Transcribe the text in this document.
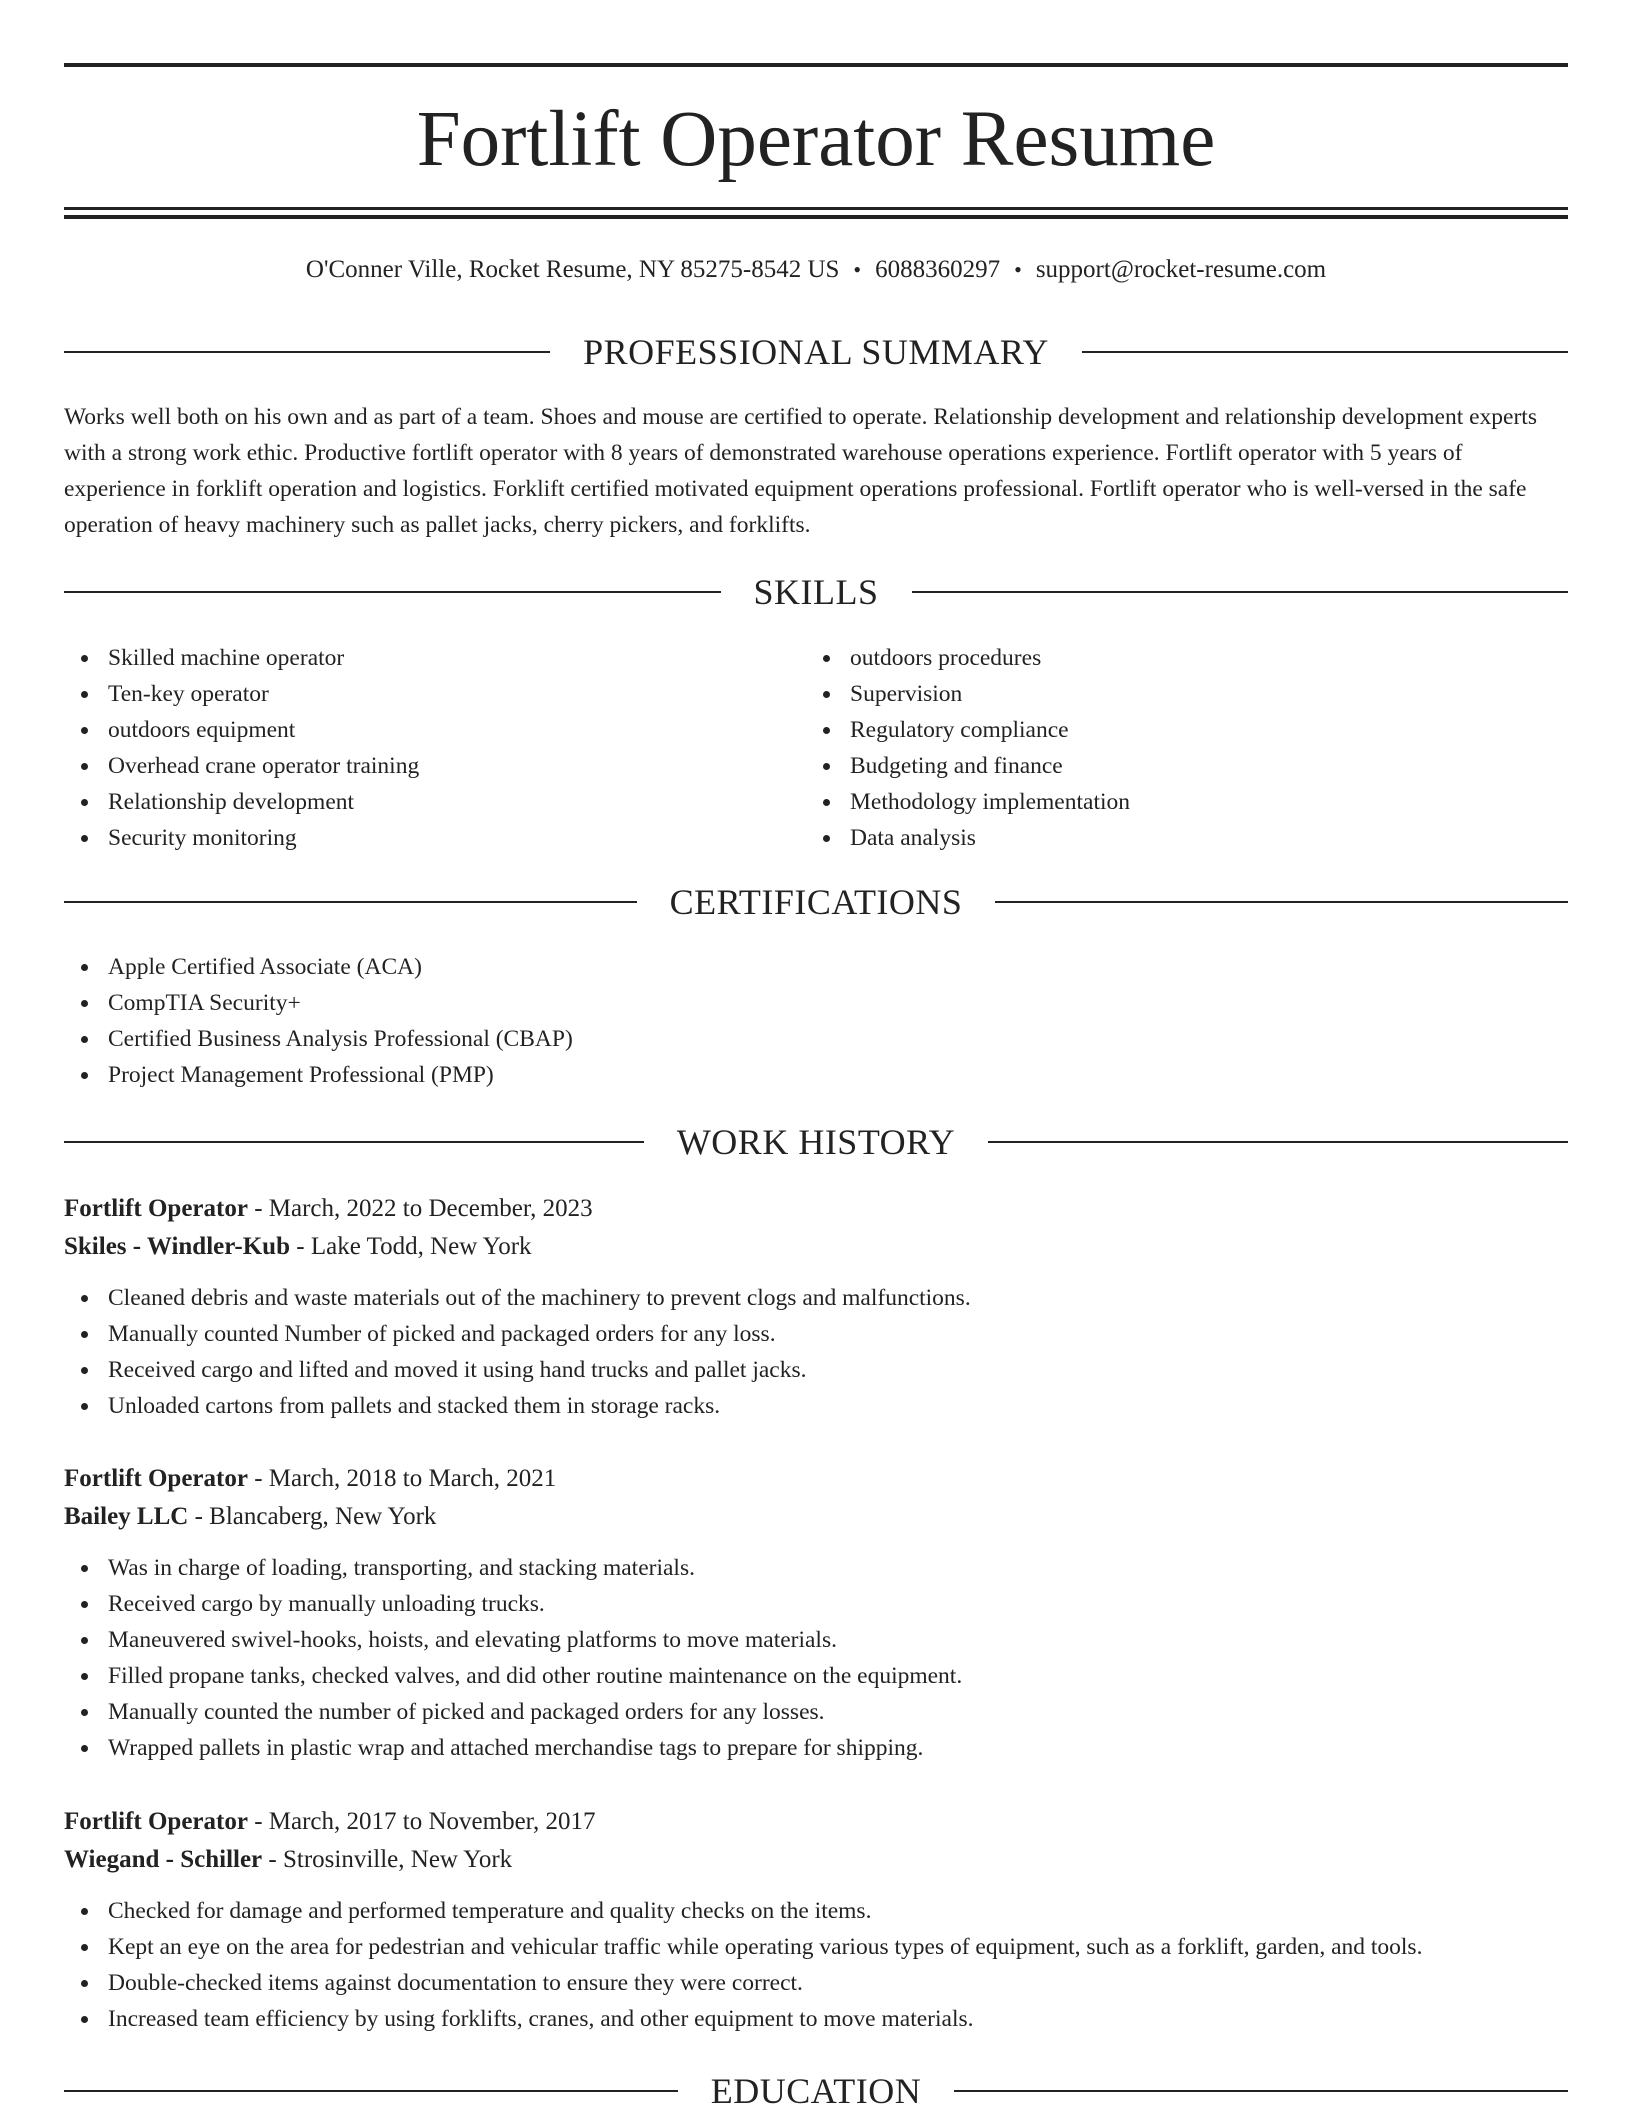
Fortlift Operator Resume
O'Conner Ville, Rocket Resume, NY 85275-8542 US • 6088360297 • support@rocket-resume.com
PROFESSIONAL SUMMARY

Works well both on his own and as part of a team. Shoes and mouse are certified to operate. Relationship development and relationship development experts with a strong work ethic. Productive fortlift operator with 8 years of demonstrated warehouse operations experience. Fortlift operator with 5 years of experience in forklift operation and logistics. Forklift certified motivated equipment operations professional. Fortlift operator who is well-versed in the safe operation of heavy machinery such as pallet jacks, cherry pickers, and forklifts.

SKILLS
Skilled machine operator
Ten-key operator
outdoors equipment
Overhead crane operator training
Relationship development
Security monitoring
outdoors procedures
Supervision
Regulatory compliance
Budgeting and finance
Methodology implementation
Data analysis
CERTIFICATIONS
Apple Certified Associate (ACA)
CompTIA Security+
Certified Business Analysis Professional (CBAP)
Project Management Professional (PMP)
WORK HISTORY
Fortlift Operator - March, 2022 to December, 2023
Skiles - Windler-Kub - Lake Todd, New York
Cleaned debris and waste materials out of the machinery to prevent clogs and malfunctions.
Manually counted Number of picked and packaged orders for any loss.
Received cargo and lifted and moved it using hand trucks and pallet jacks.
Unloaded cartons from pallets and stacked them in storage racks.
Fortlift Operator - March, 2018 to March, 2021
Bailey LLC - Blancaberg, New York
Was in charge of loading, transporting, and stacking materials.
Received cargo by manually unloading trucks.
Maneuvered swivel-hooks, hoists, and elevating platforms to move materials.
Filled propane tanks, checked valves, and did other routine maintenance on the equipment.
Manually counted the number of picked and packaged orders for any losses.
Wrapped pallets in plastic wrap and attached merchandise tags to prepare for shipping.
Fortlift Operator - March, 2017 to November, 2017
Wiegand - Schiller - Strosinville, New York
Checked for damage and performed temperature and quality checks on the items.
Kept an eye on the area for pedestrian and vehicular traffic while operating various types of equipment, such as a forklift, garden, and tools.
Double-checked items against documentation to ensure they were correct.
Increased team efficiency by using forklifts, cranes, and other equipment to move materials.
EDUCATION
